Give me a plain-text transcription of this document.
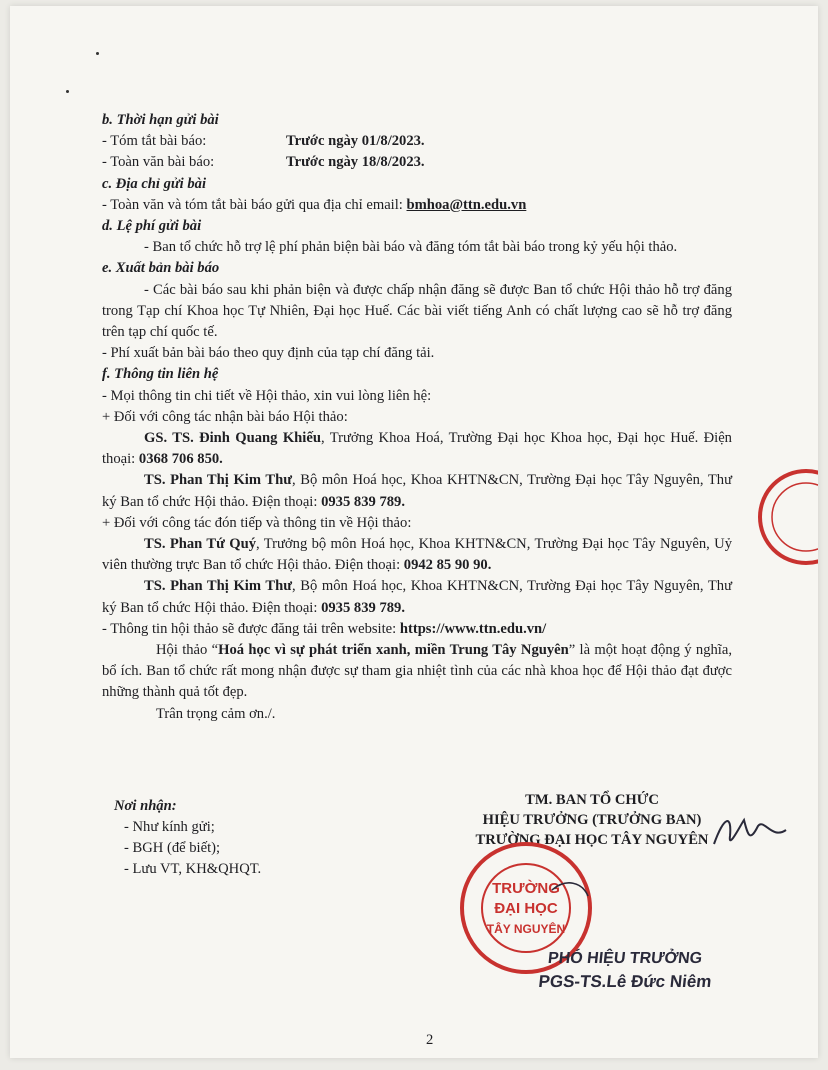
b. Thời hạn gửi bài

- Tóm tắt bài báo:	Trước ngày 01/8/2023.

- Toàn văn bài báo:	Trước ngày 18/8/2023.

c. Địa chỉ gửi bài

- Toàn văn và tóm tắt bài báo gửi qua địa chỉ email: bmhoa@ttn.edu.vn

d. Lệ phí gửi bài

- Ban tổ chức hỗ trợ lệ phí phản biện bài báo và đăng tóm tắt bài báo trong kỷ yếu hội thảo.

e. Xuất bản bài báo

- Các bài báo sau khi phản biện và được chấp nhận đăng sẽ được Ban tổ chức Hội thảo hỗ trợ đăng trong Tạp chí Khoa học Tự Nhiên, Đại học Huế. Các bài viết tiếng Anh có chất lượng cao sẽ hỗ trợ đăng trên tạp chí quốc tế.

- Phí xuất bản bài báo theo quy định của tạp chí đăng tải.

f. Thông tin liên hệ

- Mọi thông tin chi tiết về Hội thảo, xin vui lòng liên hệ:

+ Đối với công tác nhận bài báo Hội thảo:

GS. TS. Đinh Quang Khiếu, Trưởng Khoa Hoá, Trường Đại học Khoa học, Đại học Huế. Điện thoại: 0368 706 850.

TS. Phan Thị Kim Thư, Bộ môn Hoá học, Khoa KHTN&CN, Trường Đại học Tây Nguyên, Thư ký Ban tổ chức Hội thảo. Điện thoại: 0935 839 789.

+ Đối với công tác đón tiếp và thông tin về Hội thảo:

TS. Phan Tứ Quý, Trưởng bộ môn Hoá học, Khoa KHTN&CN, Trường Đại học Tây Nguyên, Uỷ viên thường trực Ban tổ chức Hội thảo. Điện thoại: 0942 85 90 90.

TS. Phan Thị Kim Thư, Bộ môn Hoá học, Khoa KHTN&CN, Trường Đại học Tây Nguyên, Thư ký Ban tổ chức Hội thảo. Điện thoại: 0935 839 789.

- Thông tin hội thảo sẽ được đăng tải trên website: https://www.ttn.edu.vn/

Hội thảo “Hoá học vì sự phát triển xanh, miền Trung Tây Nguyên” là một hoạt động ý nghĩa, bổ ích. Ban tổ chức rất mong nhận được sự tham gia nhiệt tình của các nhà khoa học để Hội thảo đạt được những thành quả tốt đẹp.

Trân trọng cảm ơn./.

Nơi nhận:
- Như kính gửi;
- BGH (để biết);
- Lưu VT, KH&QHQT.
TM. BAN TỔ CHỨC
HIỆU TRƯỞNG (TRƯỞNG BAN)
TRƯỜNG ĐẠI HỌC TÂY NGUYÊN
TRƯỜNG
ĐẠI HỌC
TÂY NGUYÊN
PHÓ HIỆU TRƯỞNG
PGS-TS.Lê Đức Niêm
2
